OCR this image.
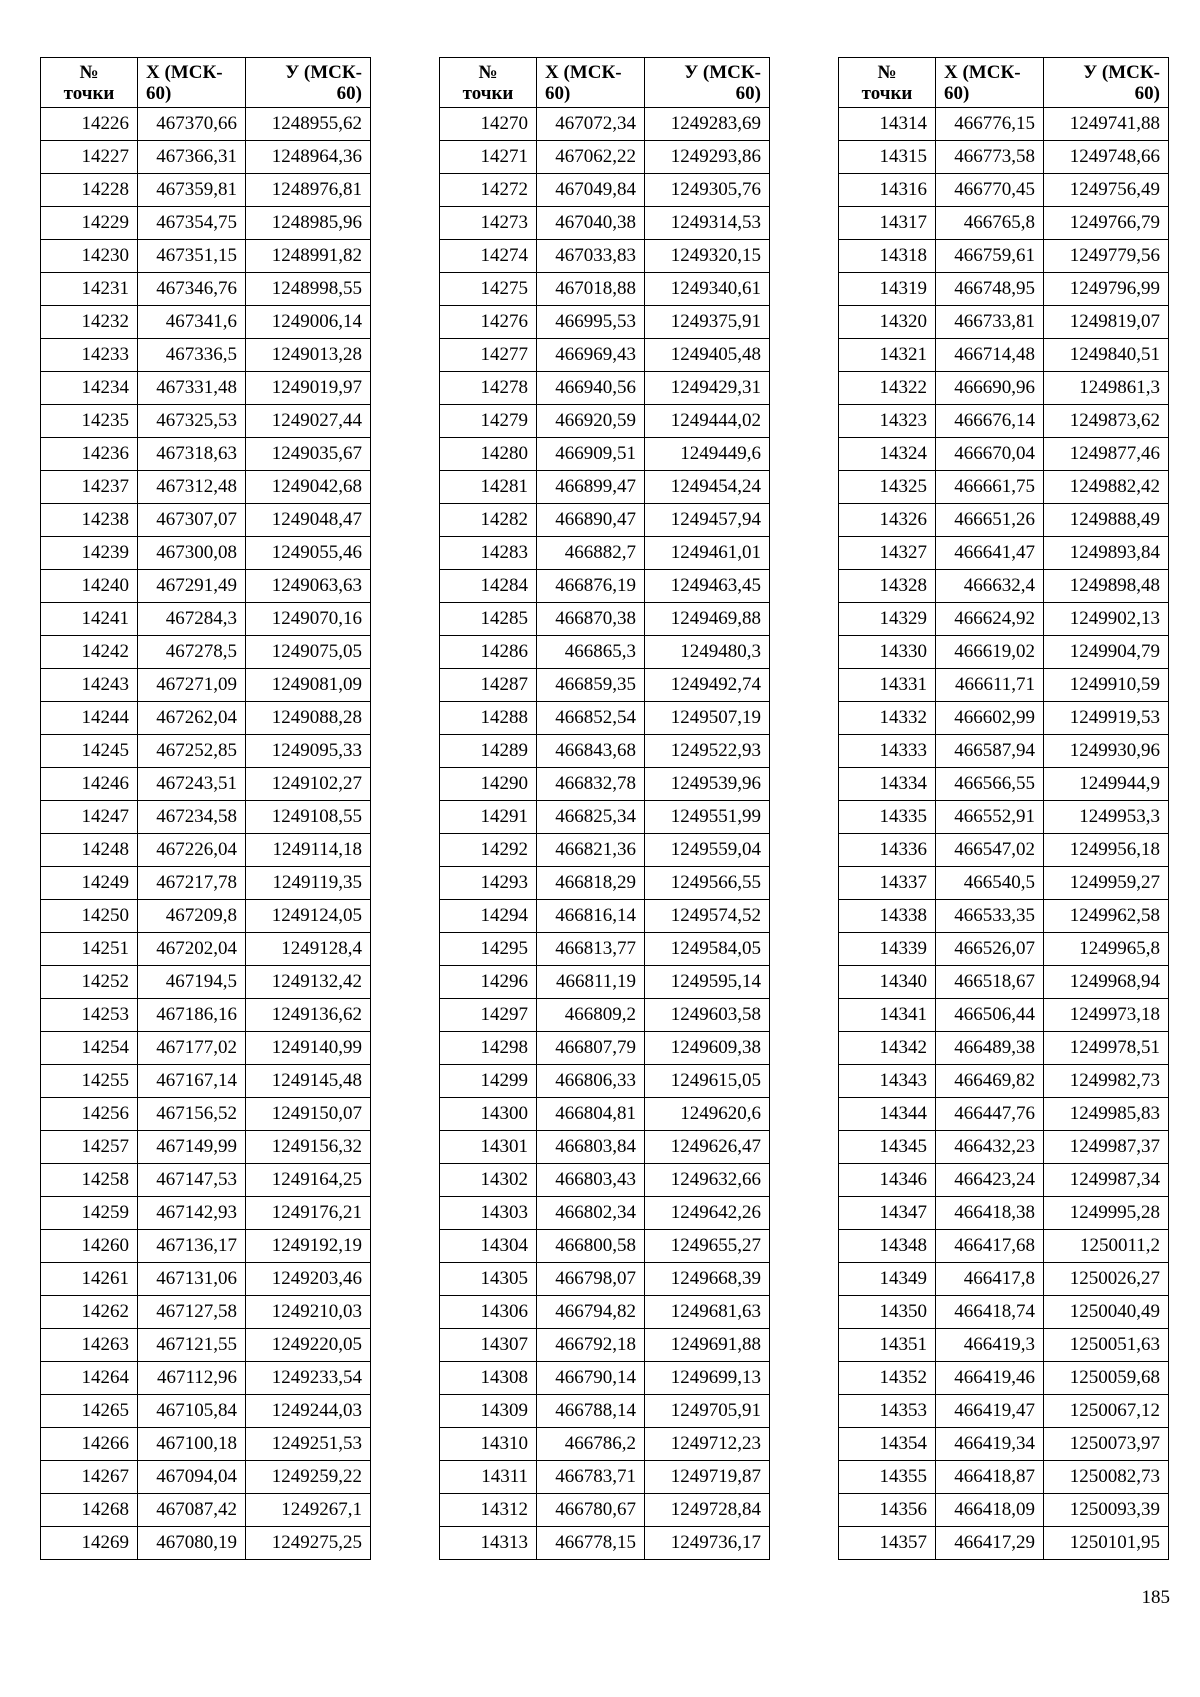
№
точки	X (МСК-
60)	У (МСК-
60)

14226	467370,66	1248955,62
14227	467366,31	1248964,36
14228	467359,81	1248976,81
14229	467354,75	1248985,96
14230	467351,15	1248991,82
14231	467346,76	1248998,55
14232	467341,6	1249006,14
14233	467336,5	1249013,28
14234	467331,48	1249019,97
14235	467325,53	1249027,44
14236	467318,63	1249035,67
14237	467312,48	1249042,68
14238	467307,07	1249048,47
14239	467300,08	1249055,46
14240	467291,49	1249063,63
14241	467284,3	1249070,16
14242	467278,5	1249075,05
14243	467271,09	1249081,09
14244	467262,04	1249088,28
14245	467252,85	1249095,33
14246	467243,51	1249102,27
14247	467234,58	1249108,55
14248	467226,04	1249114,18
14249	467217,78	1249119,35
14250	467209,8	1249124,05
14251	467202,04	1249128,4
14252	467194,5	1249132,42
14253	467186,16	1249136,62
14254	467177,02	1249140,99
14255	467167,14	1249145,48
14256	467156,52	1249150,07
14257	467149,99	1249156,32
14258	467147,53	1249164,25
14259	467142,93	1249176,21
14260	467136,17	1249192,19
14261	467131,06	1249203,46
14262	467127,58	1249210,03
14263	467121,55	1249220,05
14264	467112,96	1249233,54
14265	467105,84	1249244,03
14266	467100,18	1249251,53
14267	467094,04	1249259,22
14268	467087,42	1249267,1
14269	467080,19	1249275,25
№
точки	X (МСК-
60)	У (МСК-
60)

14270	467072,34	1249283,69
14271	467062,22	1249293,86
14272	467049,84	1249305,76
14273	467040,38	1249314,53
14274	467033,83	1249320,15
14275	467018,88	1249340,61
14276	466995,53	1249375,91
14277	466969,43	1249405,48
14278	466940,56	1249429,31
14279	466920,59	1249444,02
14280	466909,51	1249449,6
14281	466899,47	1249454,24
14282	466890,47	1249457,94
14283	466882,7	1249461,01
14284	466876,19	1249463,45
14285	466870,38	1249469,88
14286	466865,3	1249480,3
14287	466859,35	1249492,74
14288	466852,54	1249507,19
14289	466843,68	1249522,93
14290	466832,78	1249539,96
14291	466825,34	1249551,99
14292	466821,36	1249559,04
14293	466818,29	1249566,55
14294	466816,14	1249574,52
14295	466813,77	1249584,05
14296	466811,19	1249595,14
14297	466809,2	1249603,58
14298	466807,79	1249609,38
14299	466806,33	1249615,05
14300	466804,81	1249620,6
14301	466803,84	1249626,47
14302	466803,43	1249632,66
14303	466802,34	1249642,26
14304	466800,58	1249655,27
14305	466798,07	1249668,39
14306	466794,82	1249681,63
14307	466792,18	1249691,88
14308	466790,14	1249699,13
14309	466788,14	1249705,91
14310	466786,2	1249712,23
14311	466783,71	1249719,87
14312	466780,67	1249728,84
14313	466778,15	1249736,17
№
точки	X (МСК-
60)	У (МСК-
60)

14314	466776,15	1249741,88
14315	466773,58	1249748,66
14316	466770,45	1249756,49
14317	466765,8	1249766,79
14318	466759,61	1249779,56
14319	466748,95	1249796,99
14320	466733,81	1249819,07
14321	466714,48	1249840,51
14322	466690,96	1249861,3
14323	466676,14	1249873,62
14324	466670,04	1249877,46
14325	466661,75	1249882,42
14326	466651,26	1249888,49
14327	466641,47	1249893,84
14328	466632,4	1249898,48
14329	466624,92	1249902,13
14330	466619,02	1249904,79
14331	466611,71	1249910,59
14332	466602,99	1249919,53
14333	466587,94	1249930,96
14334	466566,55	1249944,9
14335	466552,91	1249953,3
14336	466547,02	1249956,18
14337	466540,5	1249959,27
14338	466533,35	1249962,58
14339	466526,07	1249965,8
14340	466518,67	1249968,94
14341	466506,44	1249973,18
14342	466489,38	1249978,51
14343	466469,82	1249982,73
14344	466447,76	1249985,83
14345	466432,23	1249987,37
14346	466423,24	1249987,34
14347	466418,38	1249995,28
14348	466417,68	1250011,2
14349	466417,8	1250026,27
14350	466418,74	1250040,49
14351	466419,3	1250051,63
14352	466419,46	1250059,68
14353	466419,47	1250067,12
14354	466419,34	1250073,97
14355	466418,87	1250082,73
14356	466418,09	1250093,39
14357	466417,29	1250101,95
185
